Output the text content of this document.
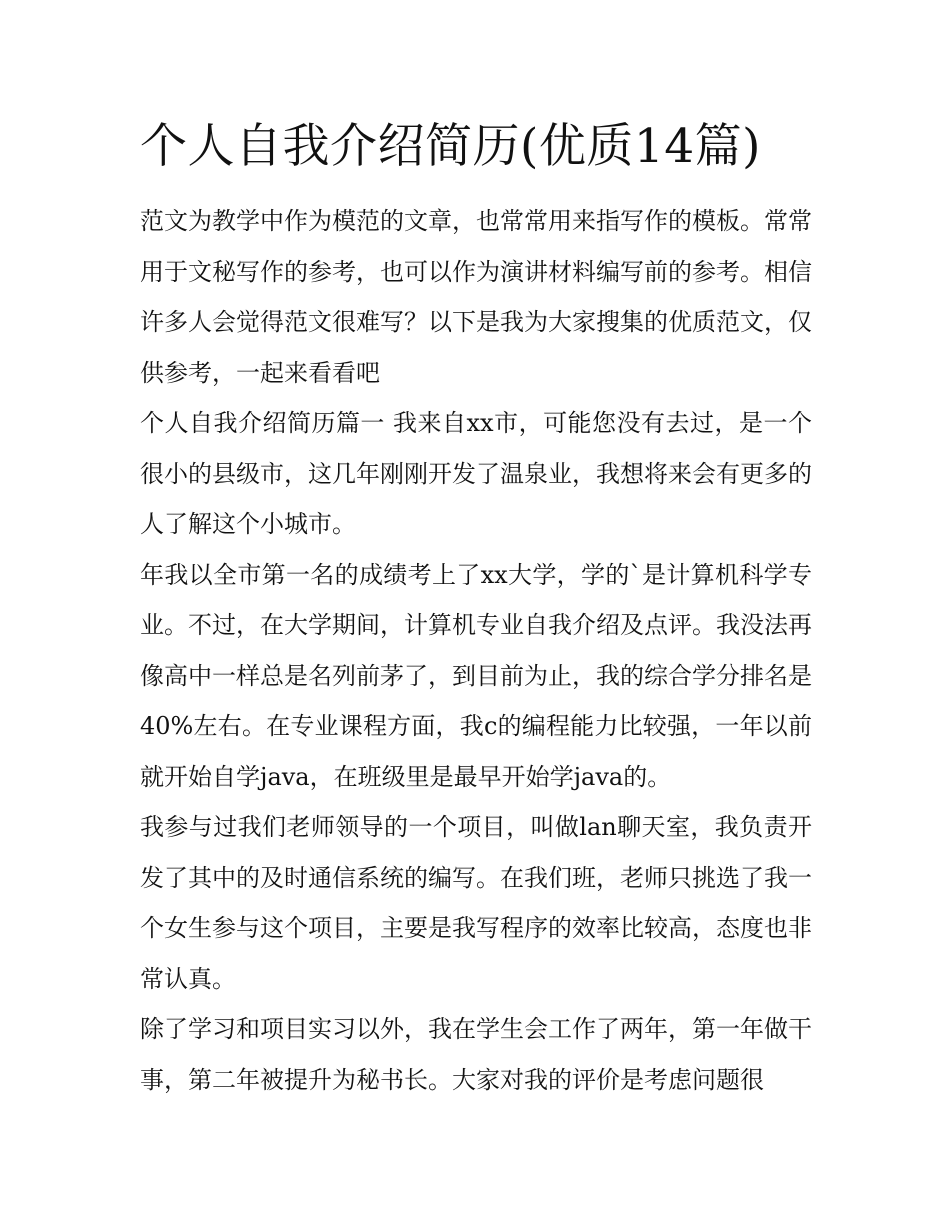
个人自我介绍简历(优质14篇)

范文为教学中作为模范的文章，也常常用来指写作的模板。常常用于文秘写作的参考，也可以作为演讲材料编写前的参考。相信许多人会觉得范文很难写？以下是我为大家搜集的优质范文，仅供参考，一起来看看吧

个人自我介绍简历篇一 我来自xx市，可能您没有去过，是一个很小的县级市，这几年刚刚开发了温泉业，我想将来会有更多的人了解这个小城市。

年我以全市第一名的成绩考上了xx大学，学的`是计算机科学专业。不过，在大学期间，计算机专业自我介绍及点评。我没法再像高中一样总是名列前茅了，到目前为止，我的综合学分排名是40%左右。在专业课程方面，我c的编程能力比较强，一年以前就开始自学java，在班级里是最早开始学java的。

我参与过我们老师领导的一个项目，叫做lan聊天室，我负责开发了其中的及时通信系统的编写。在我们班，老师只挑选了我一个女生参与这个项目，主要是我写程序的效率比较高，态度也非常认真。

除了学习和项目实习以外，我在学生会工作了两年，第一年做干事，第二年被提升为秘书长。大家对我的评价是考虑问题很
